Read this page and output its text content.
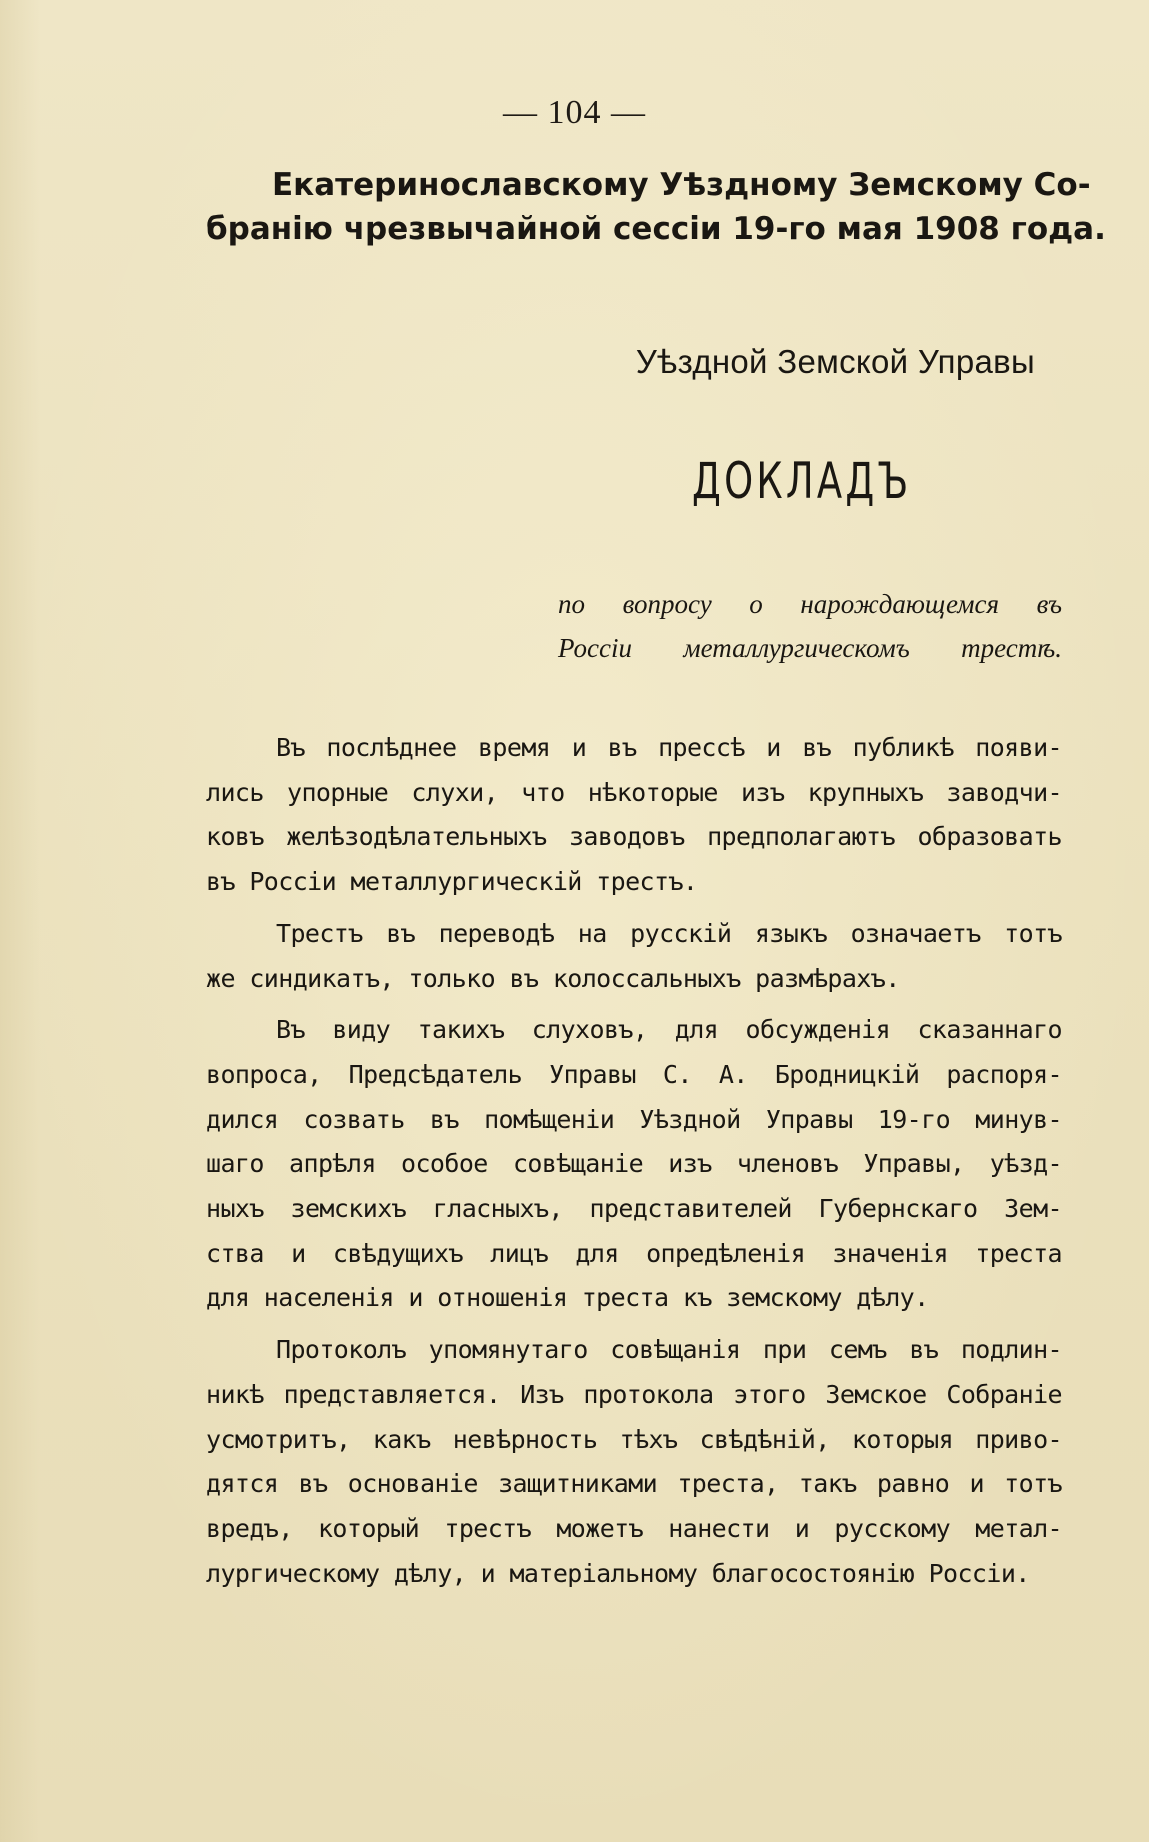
— 104 —
Екатеринославскому Уѣздному Земскому Со-
бранію чрезвычайной сессіи 19-го мая 1908 года.
Уѣздной Земской Управы
ДОКЛАДЪ
по вопросу о нарождающемся въ
Россіи металлургическомъ трестѣ.
Въ послѣднее время и въ прессѣ и въ публикѣ появи-
лись упорные слухи, что нѣкоторые изъ крупныхъ заводчи-
ковъ желѣзодѣлательныхъ заводовъ предполагаютъ образовать
въ Россіи металлургическій трестъ.
Трестъ въ переводѣ на русскій языкъ означаетъ тотъ
же синдикатъ, только въ колоссальныхъ размѣрахъ.
Въ виду такихъ слуховъ, для обсужденія сказаннаго
вопроса, Предсѣдатель Управы С. А. Бродницкій распоря-
дился созвать въ помѣщеніи Уѣздной Управы 19-го минув-
шаго апрѣля особое совѣщаніе изъ членовъ Управы, уѣзд-
ныхъ земскихъ гласныхъ, представителей Губернскаго Зем-
ства и свѣдущихъ лицъ для опредѣленія значенія треста
для населенія и отношенія треста къ земскому дѣлу.
Протоколъ упомянутаго совѣщанія при семъ въ подлин-
никѣ представляется. Изъ протокола этого Земское Собраніе
усмотритъ, какъ невѣрность тѣхъ свѣдѣній, которыя приво-
дятся въ основаніе защитниками треста, такъ равно и тотъ
вредъ, который трестъ можетъ нанести и русскому метал-
лургическому дѣлу, и матеріальному благосостоянію Россіи.
